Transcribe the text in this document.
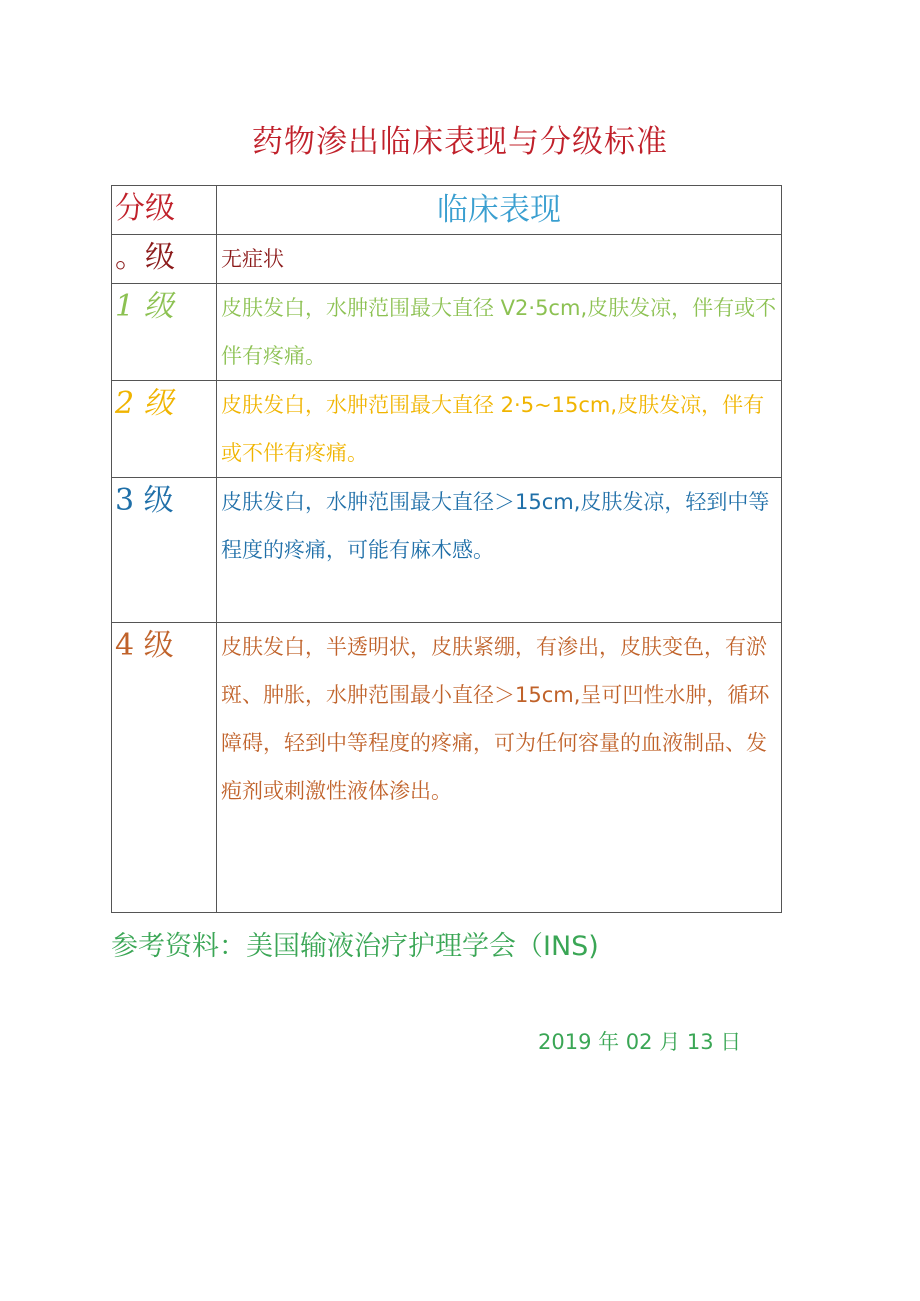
药物渗出临床表现与分级标准
分级	临床表现
。级	无症状
1 级	皮肤发白，水肿范围最大直径 V2·5cm,皮肤发凉，伴有或不伴有疼痛。
2 级	皮肤发白，水肿范围最大直径 2·5~15cm,皮肤发凉，伴有或不伴有疼痛。
3 级	皮肤发白，水肿范围最大直径＞15cm,皮肤发凉，轻到中等程度的疼痛，可能有麻木感。
4 级	皮肤发白，半透明状，皮肤紧绷，有渗出，皮肤变色，有淤斑、肿胀，水肿范围最小直径＞15cm,呈可凹性水肿，循环障碍，轻到中等程度的疼痛，可为任何容量的血液制品、发疱剂或刺激性液体渗出。
参考资料：美国输液治疗护理学会（INS)
2019 年 02 月 13 日
